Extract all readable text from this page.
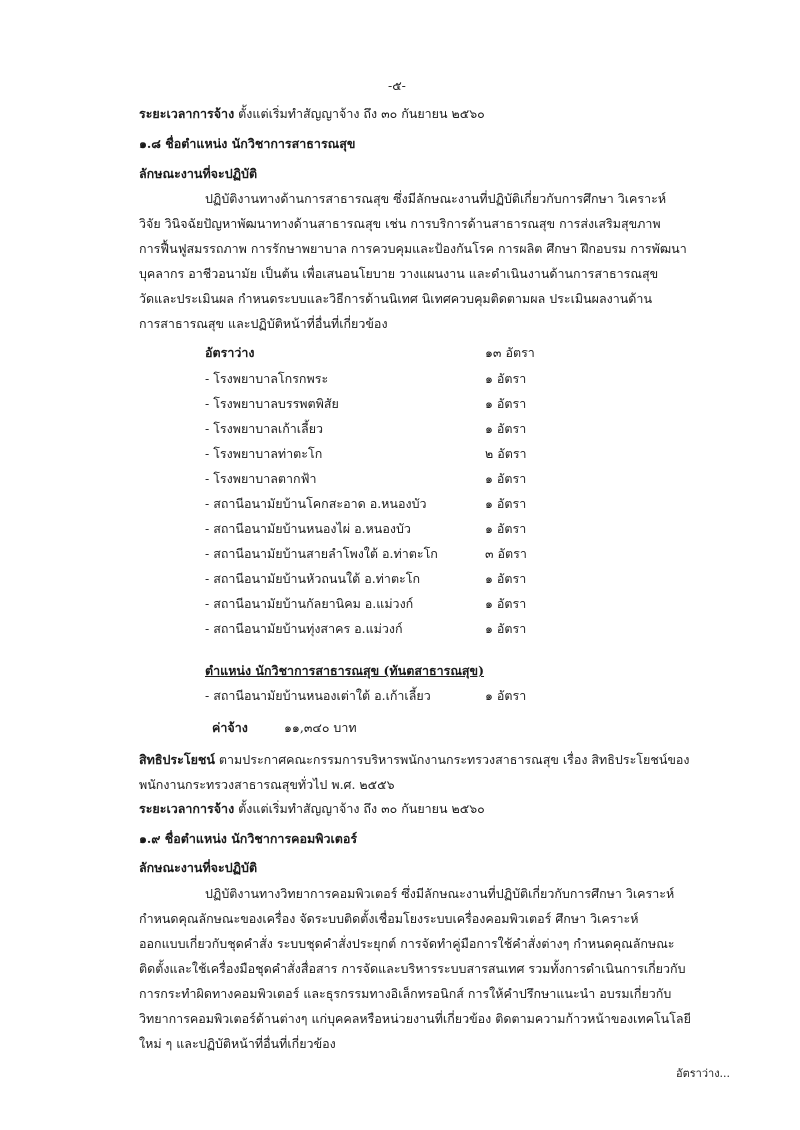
-๕-
ระยะเวลาการจ้าง ตั้งแต่เริ่มทำสัญญาจ้าง ถึง ๓๐ กันยายน ๒๕๖๐
๑.๘ ชื่อตำแหน่ง นักวิชาการสาธารณสุข
ลักษณะงานที่จะปฏิบัติ
ปฏิบัติงานทางด้านการสาธารณสุข ซึ่งมีลักษณะงานที่ปฏิบัติเกี่ยวกับการศึกษา วิเคราะห์
วิจัย วินิจฉัยปัญหาพัฒนาทางด้านสาธารณสุข เช่น การบริการด้านสาธารณสุข การส่งเสริมสุขภาพ
การฟื้นฟูสมรรถภาพ การรักษาพยาบาล การควบคุมและป้องกันโรค การผลิต ศึกษา ฝึกอบรม การพัฒนา
บุคลากร อาชีวอนามัย เป็นต้น เพื่อเสนอนโยบาย วางแผนงาน และดำเนินงานด้านการสาธารณสุข
วัดและประเมินผล กำหนดระบบและวิธีการด้านนิเทศ นิเทศควบคุมติดตามผล ประเมินผลงานด้าน
การสาธารณสุข และปฏิบัติหน้าที่อื่นที่เกี่ยวข้อง
อัตราว่าง	๑๓ อัตรา
- โรงพยาบาลโกรกพระ	๑ อัตรา
- โรงพยาบาลบรรพตพิสัย	๑ อัตรา
- โรงพยาบาลเก้าเลี้ยว	๑ อัตรา
- โรงพยาบาลท่าตะโก	๒ อัตรา
- โรงพยาบาลตากฟ้า	๑ อัตรา
- สถานีอนามัยบ้านโคกสะอาด อ.หนองบัว	๑ อัตรา
- สถานีอนามัยบ้านหนองไผ่ อ.หนองบัว	๑ อัตรา
- สถานีอนามัยบ้านสายลำโพงใต้ อ.ท่าตะโก	๓ อัตรา
- สถานีอนามัยบ้านหัวถนนใต้ อ.ท่าตะโก	๑ อัตรา
- สถานีอนามัยบ้านกัลยานิคม อ.แม่วงก์	๑ อัตรา
- สถานีอนามัยบ้านทุ่งสาคร อ.แม่วงก์	๑ อัตรา
ตำแหน่ง นักวิชาการสาธารณสุข (ทันตสาธารณสุข)
- สถานีอนามัยบ้านหนองเต่าใต้ อ.เก้าเลี้ยว	๑ อัตรา
ค่าจ้าง	๑๑,๓๔๐ บาท
สิทธิประโยชน์ ตามประกาศคณะกรรมการบริหารพนักงานกระทรวงสาธารณสุข เรื่อง สิทธิประโยชน์ของ
พนักงานกระทรวงสาธารณสุขทั่วไป พ.ศ. ๒๕๕๖
ระยะเวลาการจ้าง ตั้งแต่เริ่มทำสัญญาจ้าง ถึง ๓๐ กันยายน ๒๕๖๐
๑.๙ ชื่อตำแหน่ง นักวิชาการคอมพิวเตอร์
ลักษณะงานที่จะปฏิบัติ
ปฏิบัติงานทางวิทยาการคอมพิวเตอร์ ซึ่งมีลักษณะงานที่ปฏิบัติเกี่ยวกับการศึกษา วิเคราะห์
กำหนดคุณลักษณะของเครื่อง จัดระบบติดตั้งเชื่อมโยงระบบเครื่องคอมพิวเตอร์ ศึกษา วิเคราะห์
ออกแบบเกี่ยวกับชุดคำสั่ง ระบบชุดคำสั่งประยุกต์ การจัดทำคู่มือการใช้คำสั่งต่างๆ กำหนดคุณลักษณะ
ติดตั้งและใช้เครื่องมือชุดคำสั่งสื่อสาร การจัดและบริหารระบบสารสนเทศ รวมทั้งการดำเนินการเกี่ยวกับ
การกระทำผิดทางคอมพิวเตอร์ และธุรกรรมทางอิเล็กทรอนิกส์ การให้คำปรึกษาแนะนำ อบรมเกี่ยวกับ
วิทยาการคอมพิวเตอร์ด้านต่างๆ แก่บุคคลหรือหน่วยงานที่เกี่ยวข้อง ติดตามความก้าวหน้าของเทคโนโลยี
ใหม่ ๆ และปฏิบัติหน้าที่อื่นที่เกี่ยวข้อง
อัตราว่าง...
